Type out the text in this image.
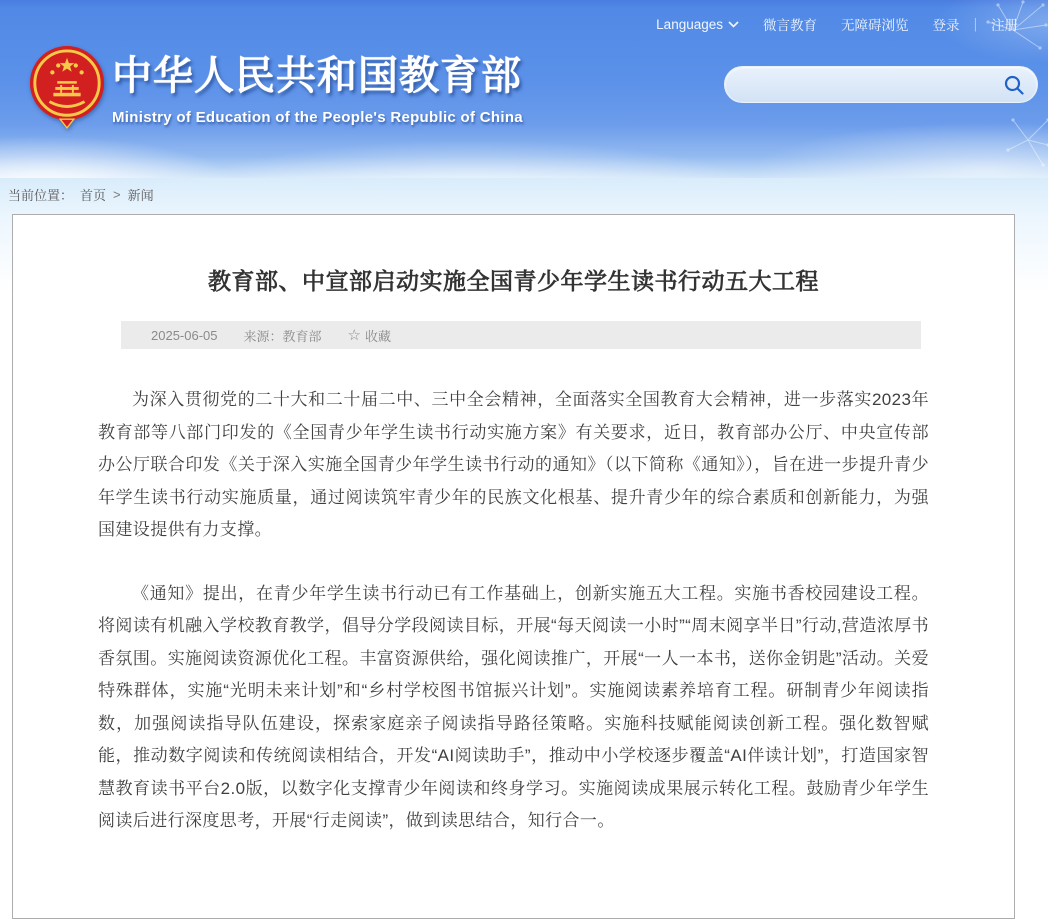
Languages	微言教育 无障碍浏览 登录 ｜ 注册
中华人民共和国教育部
Ministry of Education of the People's Republic of China
当前位置： 首页 > 新闻
教育部、中宣部启动实施全国青少年学生读书行动五大工程
2025-06-05 来源：教育部 ☆ 收藏

为深入贯彻党的二十大和二十届二中、三中全会精神，全面落实全国教育大会精神，进一步落实2023年教育部等八部门印发的《全国青少年学生读书行动实施方案》有关要求，近日，教育部办公厅、中央宣传部办公厅联合印发《关于深入实施全国青少年学生读书行动的通知》（以下简称《通知》），旨在进一步提升青少年学生读书行动实施质量，通过阅读筑牢青少年的民族文化根基、提升青少年的综合素质和创新能力，为强国建设提供有力支撑。

《通知》提出，在青少年学生读书行动已有工作基础上，创新实施五大工程。实施书香校园建设工程。将阅读有机融入学校教育教学，倡导分学段阅读目标，开展“每天阅读一小时”“周末阅享半日”行动,营造浓厚书香氛围。实施阅读资源优化工程。丰富资源供给，强化阅读推广，开展“一人一本书，送你金钥匙”活动。关爱特殊群体，实施“光明未来计划”和“乡村学校图书馆振兴计划”。实施阅读素养培育工程。研制青少年阅读指数，加强阅读指导队伍建设，探索家庭亲子阅读指导路径策略。实施科技赋能阅读创新工程。强化数智赋能，推动数字阅读和传统阅读相结合，开发“AI阅读助手”，推动中小学校逐步覆盖“AI伴读计划”，打造国家智慧教育读书平台2.0版，以数字化支撑青少年阅读和终身学习。实施阅读成果展示转化工程。鼓励青少年学生阅读后进行深度思考，开展“行走阅读”，做到读思结合，知行合一。
